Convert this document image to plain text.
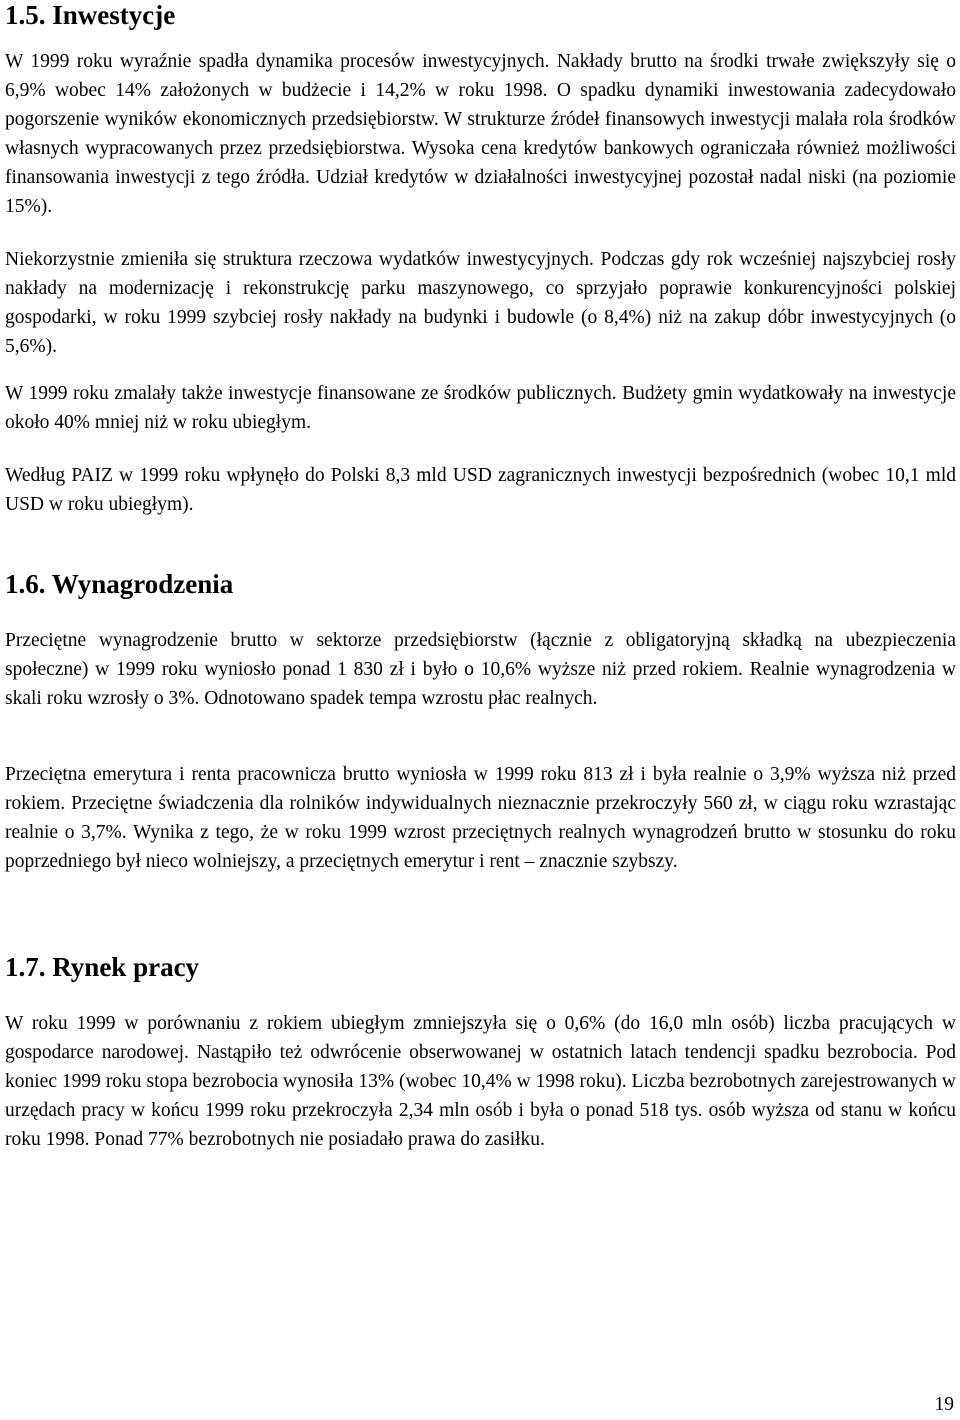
1.5. Inwestycje

W 1999 roku wyraźnie spadła dynamika procesów inwestycyjnych. Nakłady brutto na środki trwałe zwiększyły się o 6,9% wobec 14% założonych w budżecie i 14,2% w roku 1998. O spadku dynamiki inwestowania zadecydowało pogorszenie wyników ekonomicznych przedsiębiorstw. W strukturze źródeł finansowych inwestycji malała rola środków własnych wypracowanych przez przedsiębiorstwa. Wysoka cena kredytów bankowych ograniczała również możliwości finansowania inwestycji z tego źródła. Udział kredytów w działalności inwestycyjnej pozostał nadal niski (na poziomie 15%).

Niekorzystnie zmieniła się struktura rzeczowa wydatków inwestycyjnych. Podczas gdy rok wcześniej najszybciej rosły nakłady na modernizację i rekonstrukcję parku maszynowego, co sprzyjało poprawie konkurencyjności polskiej gospodarki, w roku 1999 szybciej rosły nakłady na budynki i budowle (o 8,4%) niż na zakup dóbr inwestycyjnych (o 5,6%).

W 1999 roku zmalały także inwestycje finansowane ze środków publicznych. Budżety gmin wydatkowały na inwestycje około 40% mniej niż w roku ubiegłym.

Według PAIZ w 1999 roku wpłynęło do Polski 8,3 mld USD zagranicznych inwestycji bezpośrednich (wobec 10,1 mld USD w roku ubiegłym).

1.6. Wynagrodzenia

Przeciętne wynagrodzenie brutto w sektorze przedsiębiorstw (łącznie z obligatoryjną składką na ubezpieczenia społeczne) w 1999 roku wyniosło ponad 1 830 zł i było o 10,6% wyższe niż przed rokiem. Realnie wynagrodzenia w skali roku wzrosły o 3%. Odnotowano spadek tempa wzrostu płac realnych.

Przeciętna emerytura i renta pracownicza brutto wyniosła w 1999 roku 813 zł i była realnie o 3,9% wyższa niż przed rokiem. Przeciętne świadczenia dla rolników indywidualnych nieznacznie przekroczyły 560 zł, w ciągu roku wzrastając realnie o 3,7%. Wynika z tego, że w roku 1999 wzrost przeciętnych realnych wynagrodzeń brutto w stosunku do roku poprzedniego był nieco wolniejszy, a przeciętnych emerytur i rent – znacznie szybszy.

1.7. Rynek pracy

W roku 1999 w porównaniu z rokiem ubiegłym zmniejszyła się o 0,6% (do 16,0 mln osób) liczba pracujących w gospodarce narodowej. Nastąpiło też odwrócenie obserwowanej w ostatnich latach tendencji spadku bezrobocia. Pod koniec 1999 roku stopa bezrobocia wynosiła 13% (wobec 10,4% w 1998 roku). Liczba bezrobotnych zarejestrowanych w urzędach pracy w końcu 1999 roku przekroczyła 2,34 mln osób i była o ponad 518 tys. osób wyższa od stanu w końcu roku 1998. Ponad 77% bezrobotnych nie posiadało prawa do zasiłku.

19
